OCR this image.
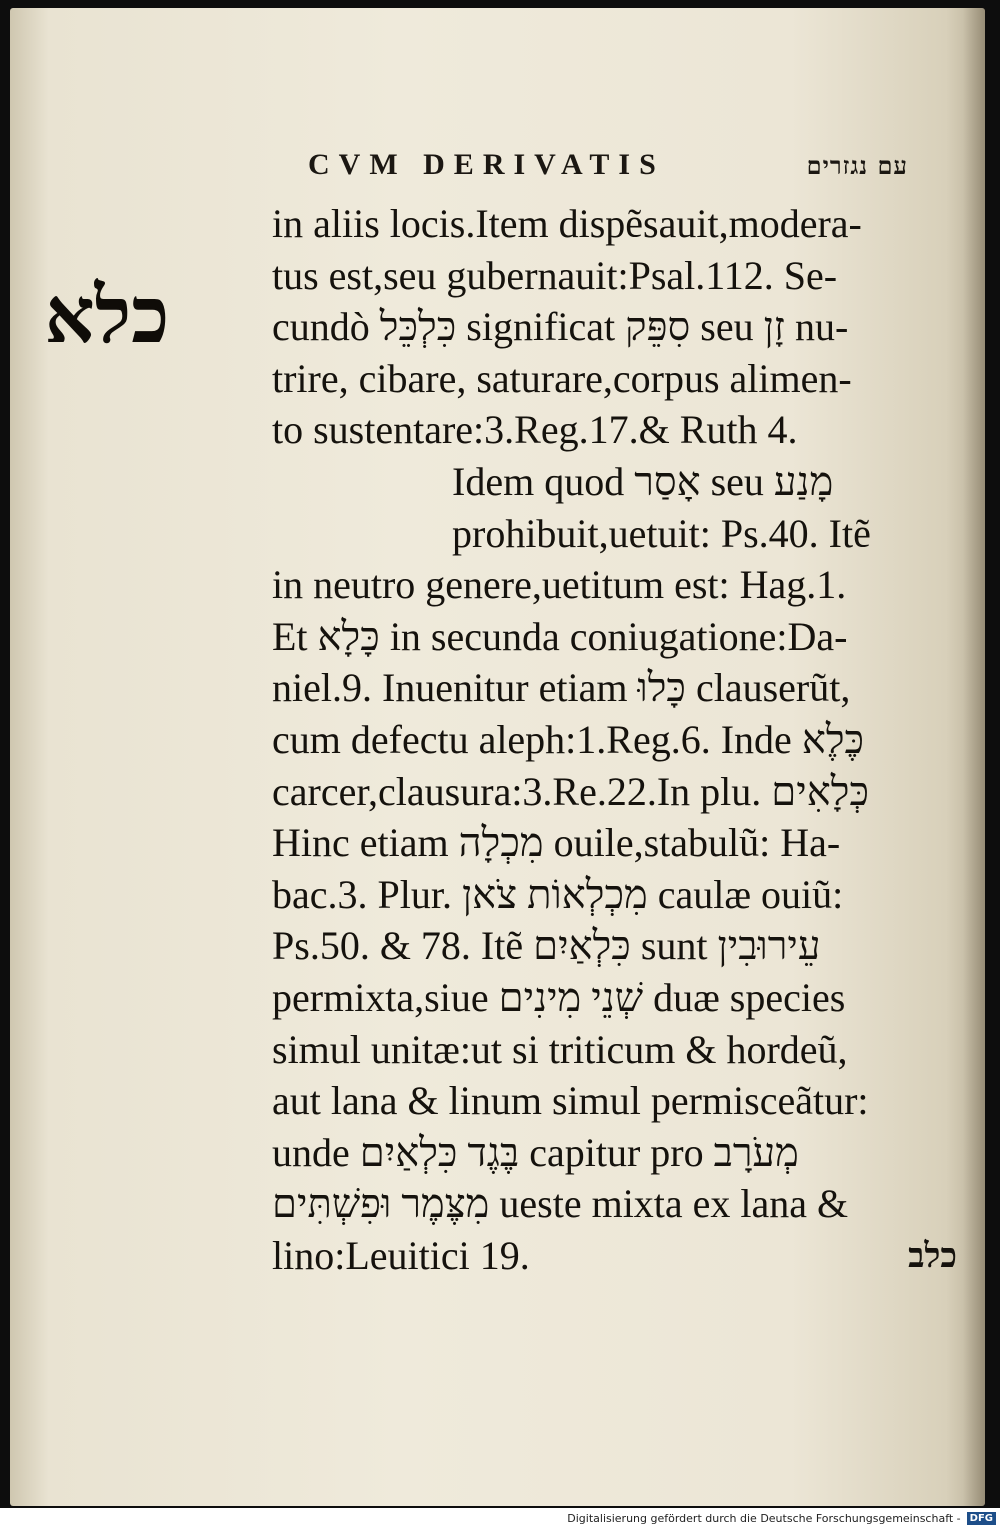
CVM DERIVATIS	עם נגזרים
כלא
in aliis locis.Item dispẽsauit,modera-
tus est,seu gubernauit:Psal.112. Se-
cundò כִּלְכֵּל significat סִפֵּק seu זָן nu-
trire, cibare, saturare,corpus alimen-
to sustentare:3.Reg.17.& Ruth 4.
Idem quod אָסַר seu מָנַע
prohibuit,uetuit: Ps.40. Itẽ
in neutro genere,uetitum est: Hag.1.
Et כָּלָא in secunda coniugatione:Da-
niel.9. Inuenitur etiam כָּלוּ clauserũt,
cum defectu aleph:1.Reg.6. Inde כֶּלֶא
carcer,clausura:3.Re.22.In plu. כְּלָאִים
Hinc etiam מִכְלָה ouile,stabulũ: Ha-
bac.3. Plur. מִכְלְאוֹת צֹאן caulæ ouiũ:
Ps.50. & 78. Itẽ כִּלְאַיִם sunt עֵירוּבִין
permixta,siue שְׁנֵי מִינִים duæ species
simul unitæ:ut si triticum & hordeũ,
aut lana & linum simul permisceãtur:
unde בֶּגֶד כִּלְאַיִם capitur pro מְעֹרָב
מִצֶּמֶר וּפִשְׁתִּים ueste mixta ex lana &
lino:Leuitici 19.	כלב
Digitalisierung gefördert durch die Deutsche Forschungsgemeinschaft - DFG
